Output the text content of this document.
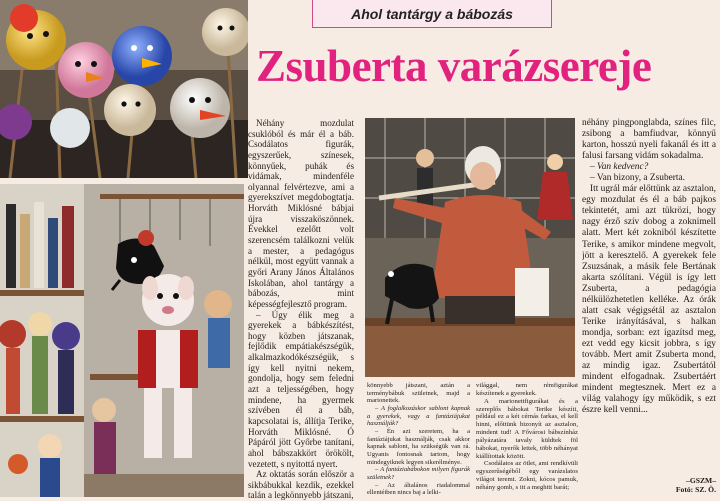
Ahol tantárgy a bábozás
Zsuberta varázsereje

Néhány mozdulat csuklóból és már él a báb. Csodálatos figurák, egyszerűek, színesek, könnyűek, puhák és vidámak, mindenféle olyannal felvértezve, ami a gyerekszívet megdobogtatja. Horváth Miklósné bábjai újra visszaköszönnek. Évekkel ezelőtt volt szerencsém találkozni velük a mester, a pedagógus nélkül, most együtt vannak a győri Arany János Általános Iskolában, ahol tantárgy a bábozás, mint képességfejlesztő program.

– Úgy élik meg a gyerekek a bábkészítést, hogy közben játszanak, fejlődik empátiakészségük, alkalmazkodókészségük, s így kell nyitni nekem, gondolja, hogy sem feledni azt a teljességében, hogy mindene, ha gyermek szívében él a báb, kapcsolatai is, állítja Terike, Horváth Miklósné. Ó Pápáról jött Győrbe tanítani, ahol bábszakkört örökölt, vezetett, s nyitottá nyert.

Az oktatás során először a sikbábukkal kezdik, ezekkel talán a legkönnyebb játszani,

könnyebb játszani, aztán a terménybábuk születnek, majd a marionettek.

– A foglalkozáskor sablont kapnak a gyerekek, vagy a fantáziájukat használják?

– Én azt szeretem, ha a fantáziájukat használják, csak akkor kapnak sablont, ha szükségük van rá. Ugyanis fontosnak tartom, hogy mindegyiknek legyen sikerélménye.

– A fantáziabábokon milyen figurák születnek?

– Az általános riadalommal ellentétben nincs baj a lelki-

világgal, nem rémfigurákat készítenek a gyerekek.

A marionettfigurákat és a szereplős bábokat Terike készíti, például ez a két cérnás farkas, el kell hinni, előttünk bizonyít az asztalon, mindent tud! A Fővárosi bábszínház pályázatára tavaly küldtek föl bábokat, nyerők lettek, több néhányat kiállítottak között.

Csodálatos az ötlet, ami rendkívüli egyszerűségéből egy varázslatos világot teremt. Zokni, kócos pamuk, néhány gomb, s itt a meghitt barát;

néhány pingponglabda, színes filc, zsibong a bamfiudvar, könnyű karton, hosszú nyeli fakanál és itt a falusi farsang vidám sokadalma.

– Van kedvenc?

– Van bizony, a Zsuberta.

Itt ugrál már előttünk az asztalon, egy mozdulat és él a báb pajkos tekintetét, ami azt tükrözi, hogy nagy érző szív dobog a zoknimell alatt. Mert két zokniból készítette Terike, s amikor mindene megvolt, jött a keresztelő. A gyerekek fele Zsuzsának, a másik fele Bertának akarta szólítani. Végül is így lett Zsuberta, a pedagógia nélkülözhetetlen kelléke. Az órák alatt csak végigsétál az asztalon Terike irányításával, s halkan mondja, sorban: ezt ígazítsd meg, ezt vedd egy kicsit jobbra, s így tovább. Mert amit Zsuberta mond, az mindig igaz. Zsubertától mindent elfogadnak. Zsubertáért mindent megtesznek. Mert ez a világ valahogy így működik, s ezt észre kell venni...

–GSZM–
Fotó: SZ. Ö.
